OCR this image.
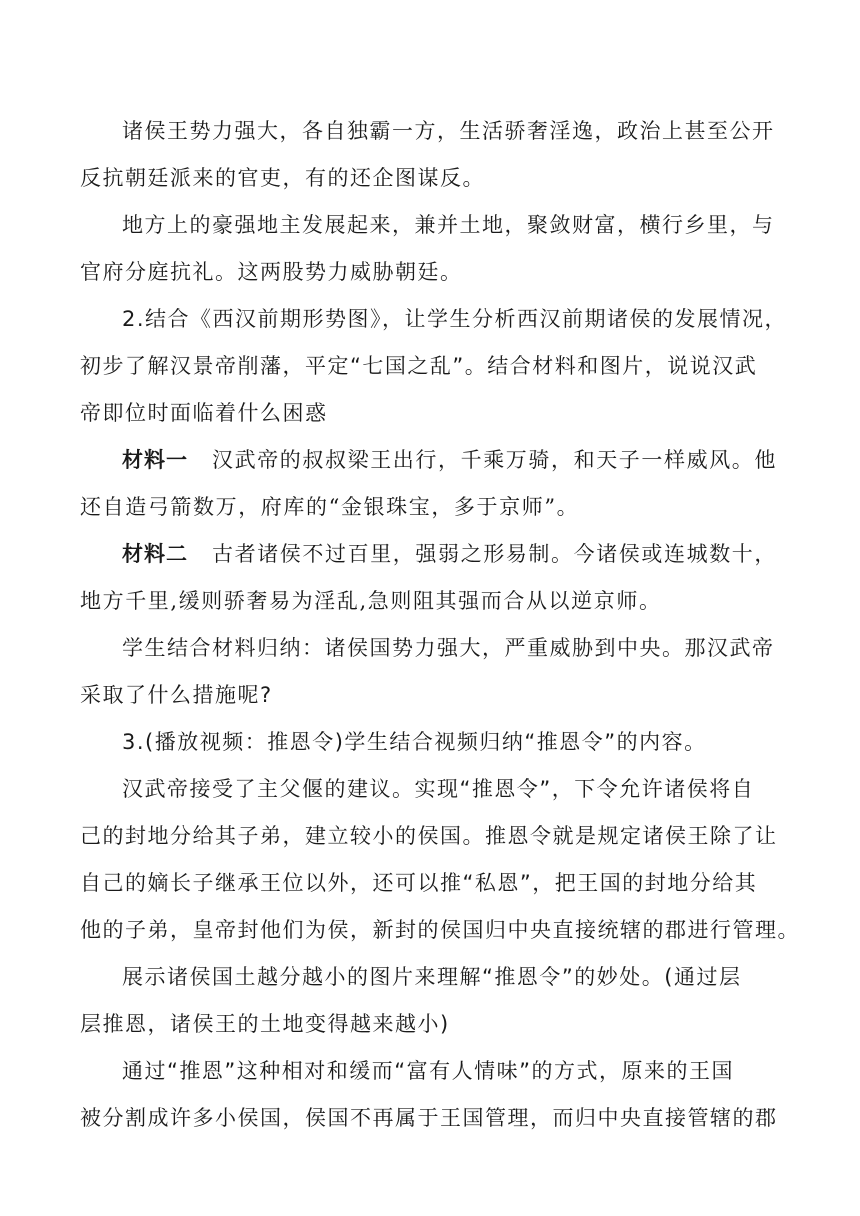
诸侯王势力强大，各自独霸一方，生活骄奢淫逸，政治上甚至公开
反抗朝廷派来的官吏，有的还企图谋反。

地方上的豪强地主发展起来，兼并土地，聚敛财富，横行乡里，与
官府分庭抗礼。这两股势力威胁朝廷。

2.结合《西汉前期形势图》，让学生分析西汉前期诸侯的发展情况，
初步了解汉景帝削藩，平定“七国之乱”。结合材料和图片，说说汉武
帝即位时面临着什么困惑

材料一 汉武帝的叔叔梁王出行，千乘万骑，和天子一样威风。他
还自造弓箭数万，府库的“金银珠宝，多于京师”。

材料二 古者诸侯不过百里，强弱之形易制。今诸侯或连城数十，
地方千里,缓则骄奢易为淫乱,急则阻其强而合从以逆京师。

学生结合材料归纳：诸侯国势力强大，严重威胁到中央。那汉武帝
采取了什么措施呢?

3.(播放视频：推恩令)学生结合视频归纳“推恩令”的内容。

汉武帝接受了主父偃的建议。实现“推恩令”，下令允许诸侯将自
己的封地分给其子弟，建立较小的侯国。推恩令就是规定诸侯王除了让
自己的嫡长子继承王位以外，还可以推“私恩”，把王国的封地分给其
他的子弟，皇帝封他们为侯，新封的侯国归中央直接统辖的郡进行管理。

展示诸侯国土越分越小的图片来理解“推恩令”的妙处。(通过层
层推恩，诸侯王的土地变得越来越小)

通过“推恩”这种相对和缓而“富有人情味”的方式，原来的王国
被分割成许多小侯国，侯国不再属于王国管理，而归中央直接管辖的郡
